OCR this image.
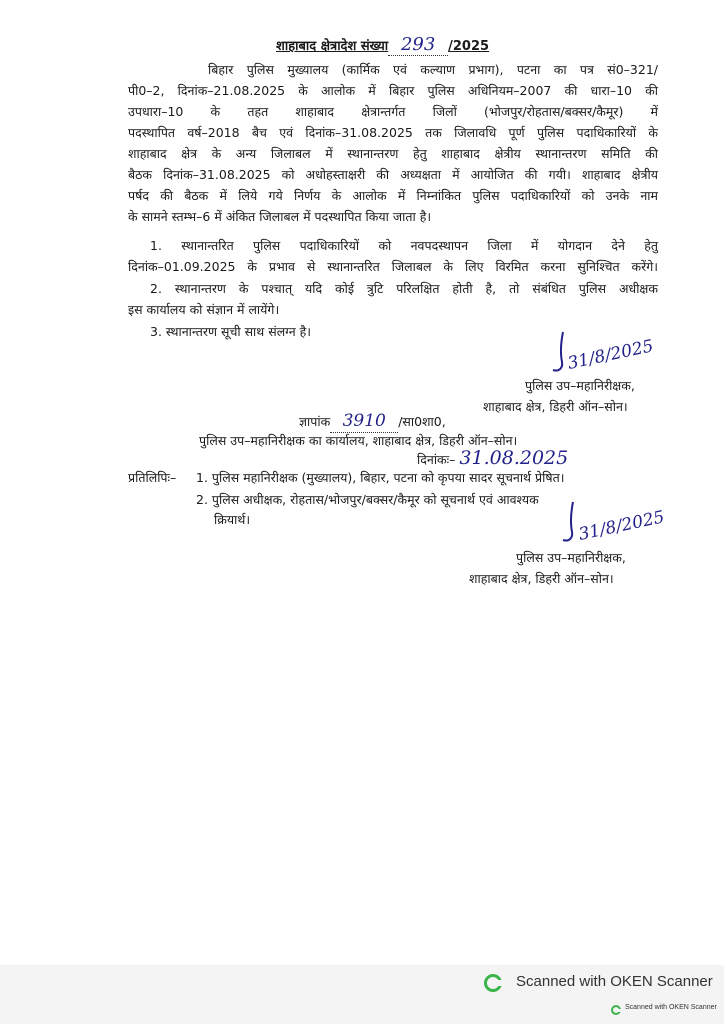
शाहाबाद क्षेत्रादेश संख्या 293 /2025
बिहार पुलिस मुख्यालय (कार्मिक एवं कल्याण प्रभाग), पटना का पत्र सं0–321/
पी0–2, दिनांक–21.08.2025 के आलोक में बिहार पुलिस अधिनियम–2007 की धारा–10 की
उपधारा–10 के तहत शाहाबाद क्षेत्रान्तर्गत जिलों (भोजपुर/रोहतास/बक्सर/कैमूर) में
पदस्थापित वर्ष–2018 बैच एवं दिनांक–31.08.2025 तक जिलावधि पूर्ण पुलिस पदाधिकारियों के
शाहाबाद क्षेत्र के अन्य जिलाबल में स्थानान्तरण हेतु शाहाबाद क्षेत्रीय स्थानान्तरण समिति की
बैठक दिनांक–31.08.2025 को अधोहस्ताक्षरी की अध्यक्षता में आयोजित की गयी। शाहाबाद क्षेत्रीय
पर्षद की बैठक में लिये गये निर्णय के आलोक में निम्नांकित पुलिस पदाधिकारियों को उनके नाम
के सामने स्तम्भ–6 में अंकित जिलाबल में पदस्थापित किया जाता है।
1. स्थानान्तरित पुलिस पदाधिकारियों को नवपदस्थापन जिला में योगदान देने हेतु
दिनांक–01.09.2025 के प्रभाव से स्थानान्तरित जिलाबल के लिए विरमित करना सुनिश्चित करेंगे।
2. स्थानान्तरण के पश्चात् यदि कोई त्रुटि परिलक्षित होती है, तो संबंधित पुलिस अधीक्षक
इस कार्यालय को संज्ञान में लायेंगे।
3. स्थानान्तरण सूची साथ संलग्न है।
31/8/2025
पुलिस उप–महानिरीक्षक,
शाहाबाद क्षेत्र, डिहरी ऑन–सोन।
ज्ञापांक 3910 /सा0शा0,
पुलिस उप–महानिरीक्षक का कार्यालय, शाहाबाद क्षेत्र, डिहरी ऑन–सोन।
दिनांकः– 31.08.2025
प्रतिलिपिः– 1. पुलिस महानिरीक्षक (मुख्यालय), बिहार, पटना को कृपया सादर सूचनार्थ प्रेषित।
2. पुलिस अधीक्षक, रोहतास/भोजपुर/बक्सर/कैमूर को सूचनार्थ एवं आवश्यक
क्रियार्थ।	31/8/2025
पुलिस उप–महानिरीक्षक,
शाहाबाद क्षेत्र, डिहरी ऑन–सोन।
Scanned with OKEN Scanner
Scanned with OKEN Scanner
